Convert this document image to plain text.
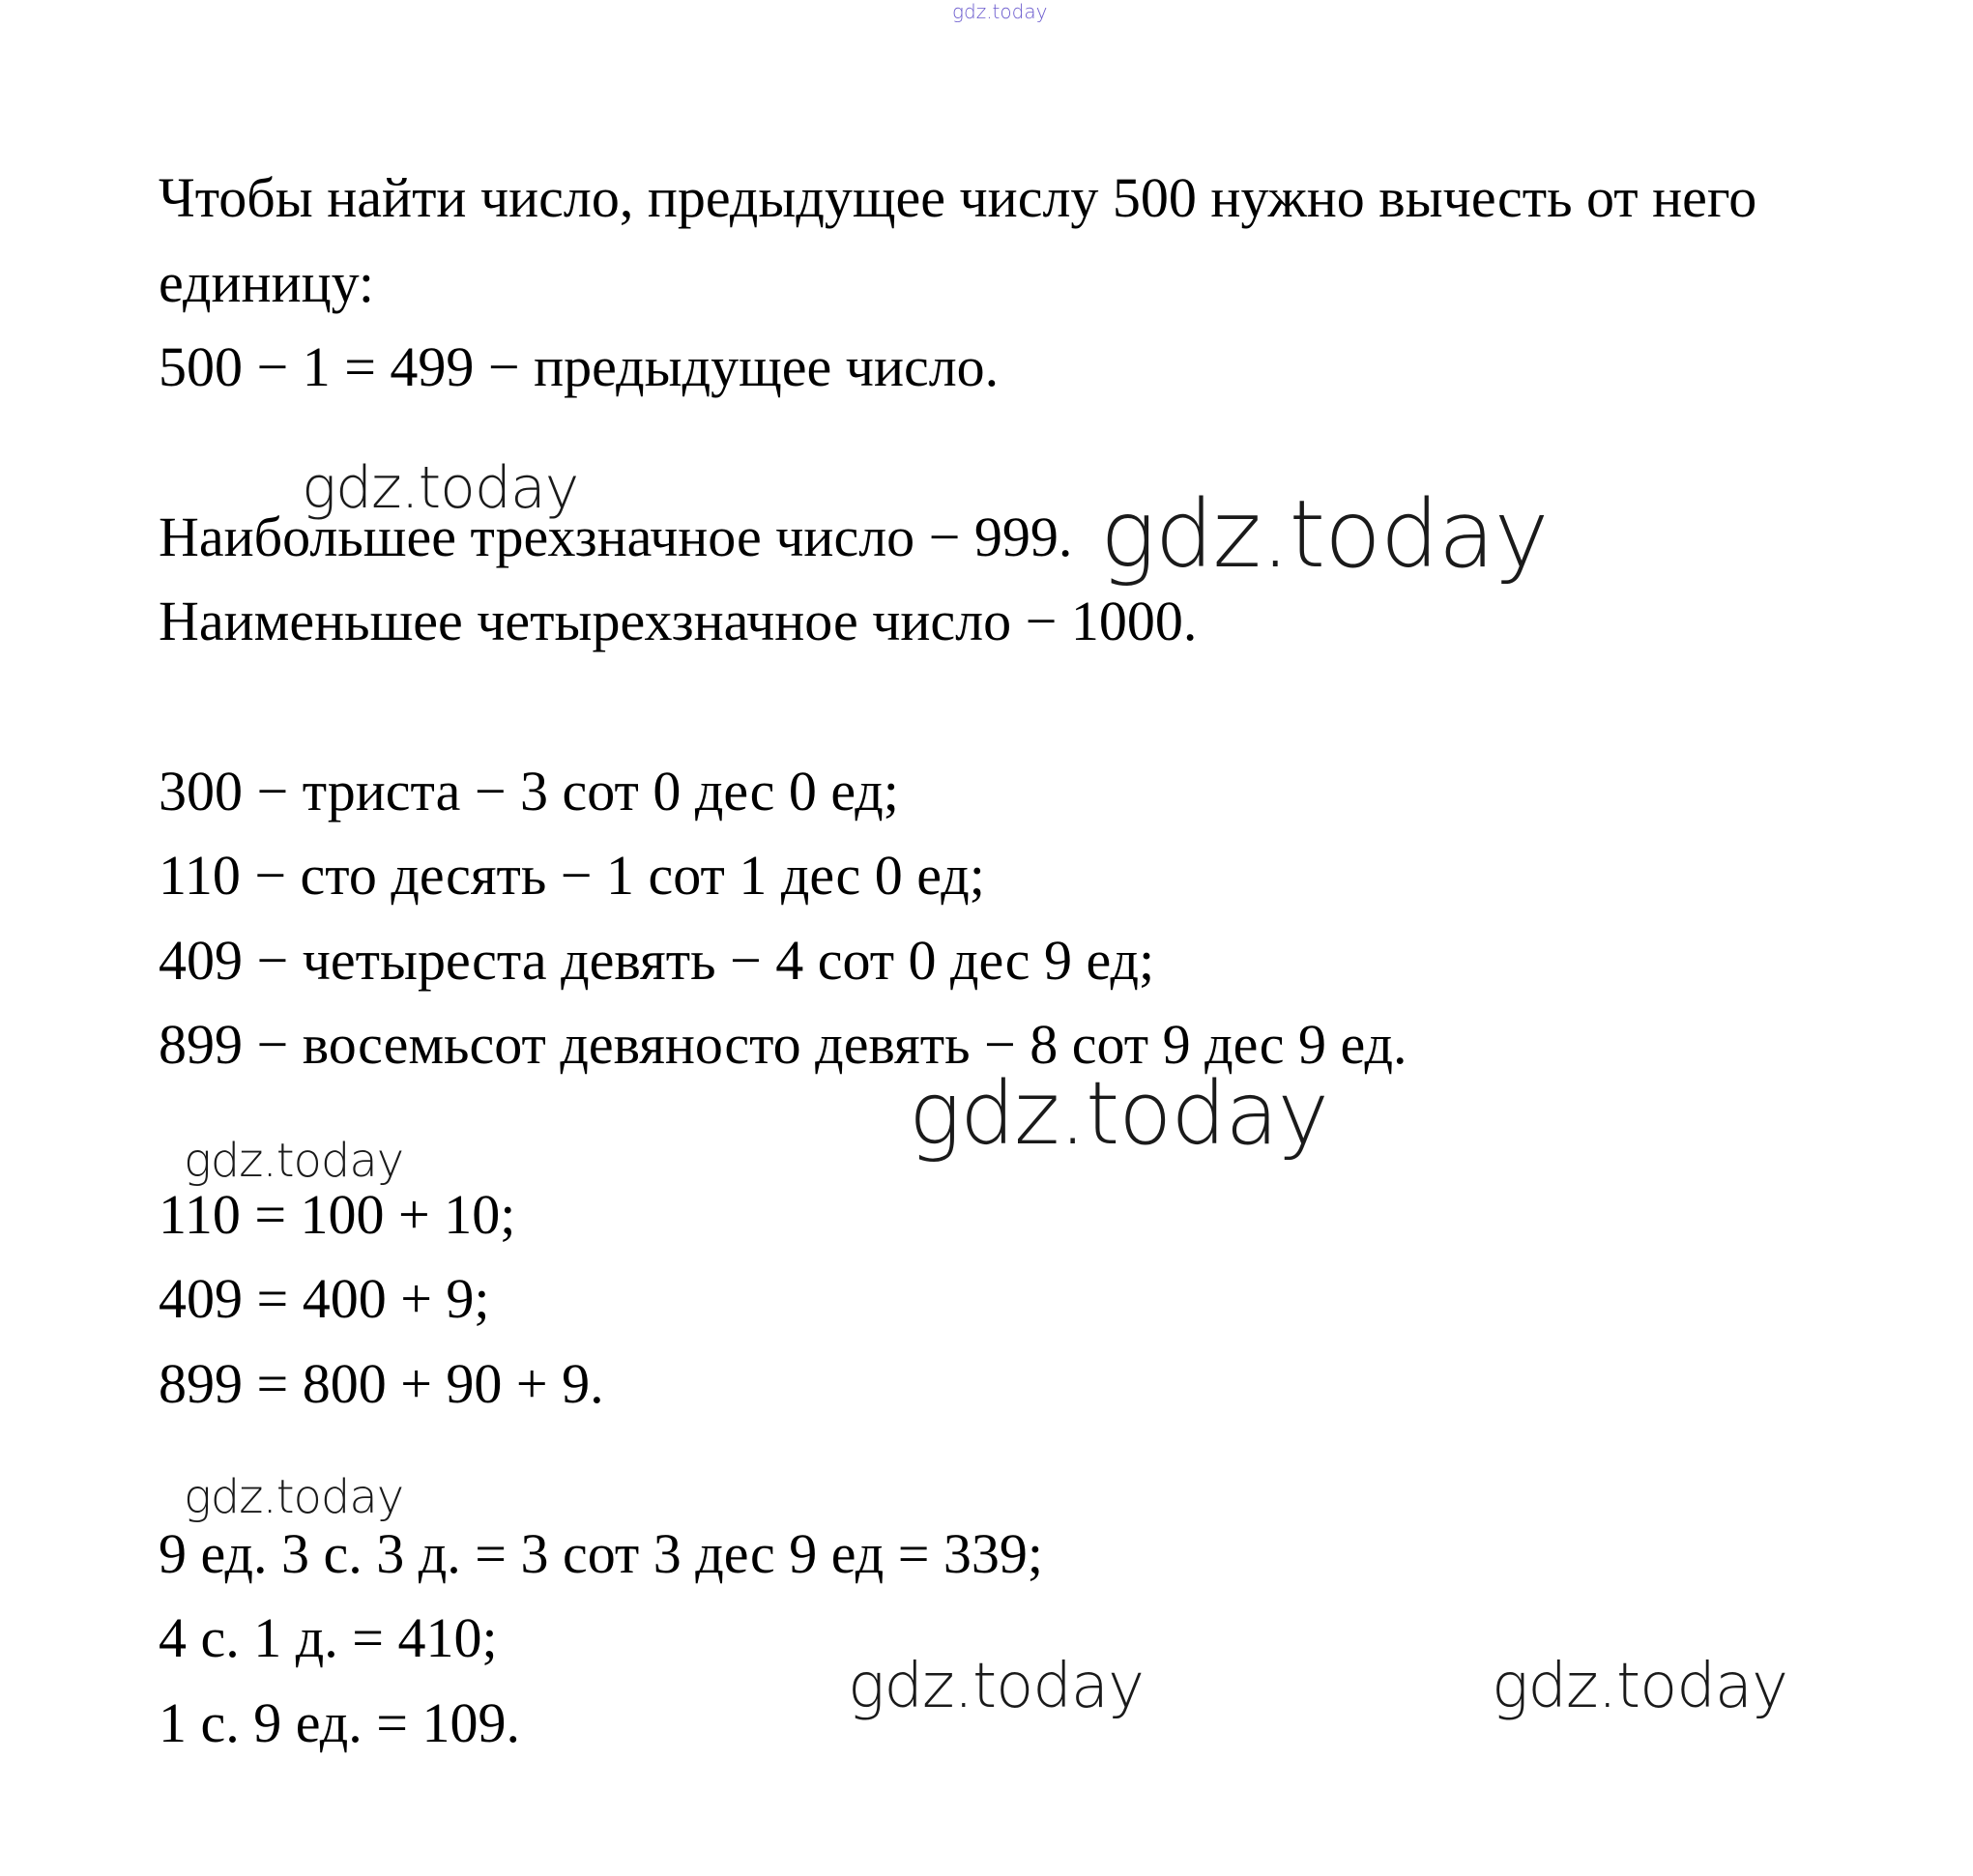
gdz.today
gdz.today	gdz.today
gdz.today
gdz.today
gdz.today
gdz.today	gdz.today
Чтобы найти число, предыдущее числу 500 нужно вычесть от него
единицу:
500 − 1 = 499 − предыдущее число.
Наибольшее трехзначное число − 999.
Наименьшее четырехзначное число − 1000.
300 − триста − 3 сот 0 дес 0 ед;
110 − сто десять − 1 сот 1 дес 0 ед;
409 − четыреста девять − 4 сот 0 дес 9 ед;
899 − восемьсот девяносто девять − 8 сот 9 дес 9 ед.
110 = 100 + 10;
409 = 400 + 9;
899 = 800 + 90 + 9.
9 ед. 3 с. 3 д. = 3 сот 3 дес 9 ед = 339;
4 с. 1 д. = 410;
1 с. 9 ед. = 109.
